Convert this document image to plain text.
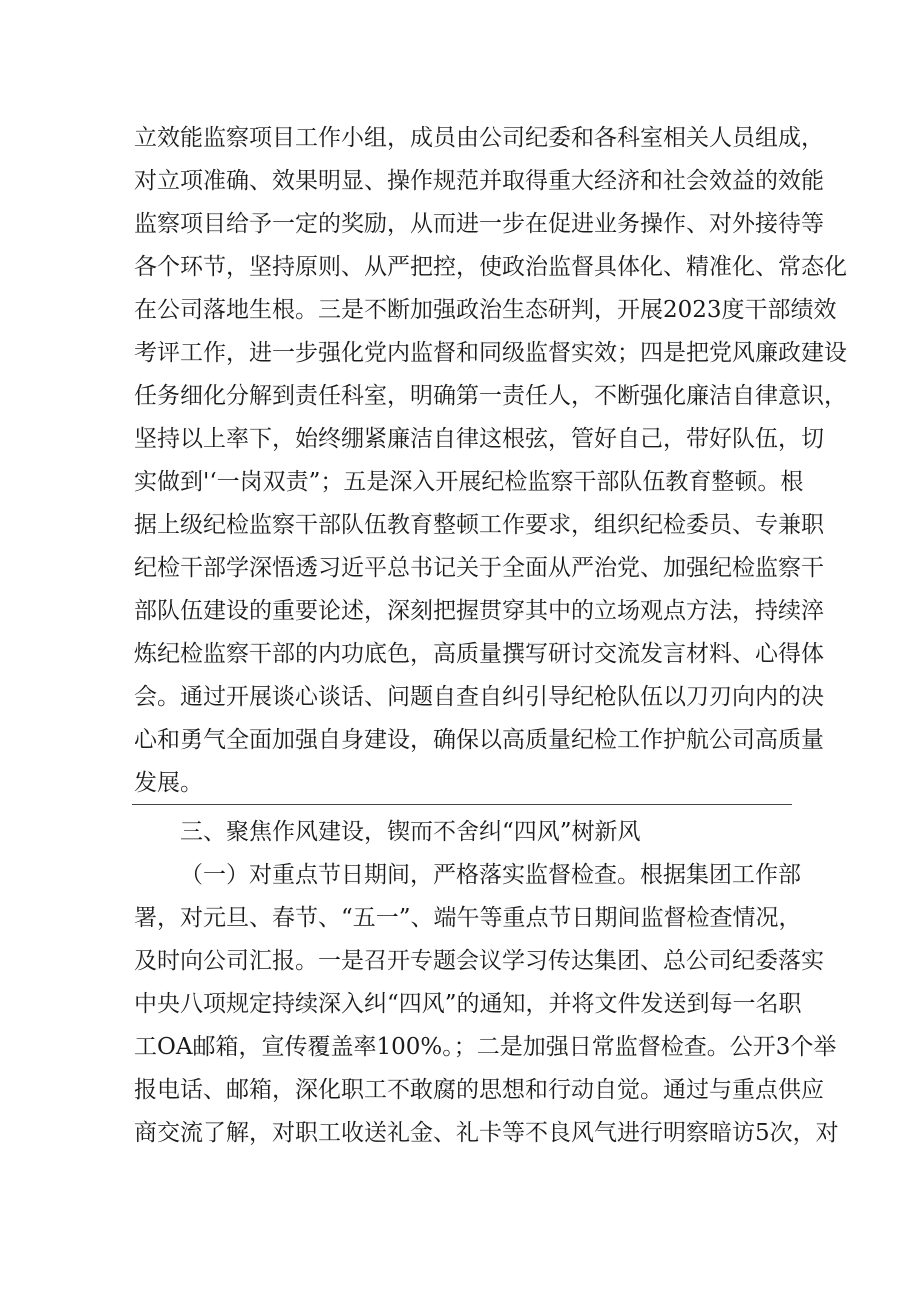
立效能监察项目工作小组，成员由公司纪委和各科室相关人员组成，
对立项准确、效果明显、操作规范并取得重大经济和社会效益的效能
监察项目给予一定的奖励，从而进一步在促进业务操作、对外接待等
各个环节，坚持原则、从严把控，使政治监督具体化、精准化、常态化
在公司落地生根。三是不断加强政治生态研判，开展2023度干部绩效
考评工作，进一步强化党内监督和同级监督实效；四是把党风廉政建设
任务细化分解到责任科室，明确第一责任人，不断强化廉洁自律意识，
坚持以上率下，始终绷紧廉洁自律这根弦，管好自己，带好队伍，切
实做到'‘一岗双责”；五是深入开展纪检监察干部队伍教育整顿。根
据上级纪检监察干部队伍教育整顿工作要求，组织纪检委员、专兼职
纪检干部学深悟透习近平总书记关于全面从严治党、加强纪检监察干
部队伍建设的重要论述，深刻把握贯穿其中的立场观点方法，持续淬
炼纪检监察干部的内功底色，高质量撰写研讨交流发言材料、心得体
会。通过开展谈心谈话、问题自查自纠引导纪枪队伍以刀刃向内的决
心和勇气全面加强自身建设，确保以高质量纪检工作护航公司高质量
发展。
三、聚焦作风建设，锲而不舍纠“四风”树新风
（一）对重点节日期间，严格落实监督检查。根据集团工作部
署，对元旦、春节、“五一”、端午等重点节日期间监督检查情况，
及时向公司汇报。一是召开专题会议学习传达集团、总公司纪委落实
中央八项规定持续深入纠“四风”的通知，并将文件发送到每一名职
工OA邮箱，宣传覆盖率100%。；二是加强日常监督检查。公开3个举
报电话、邮箱，深化职工不敢腐的思想和行动自觉。通过与重点供应
商交流了解，对职工收送礼金、礼卡等不良风气进行明察暗访5次，对
